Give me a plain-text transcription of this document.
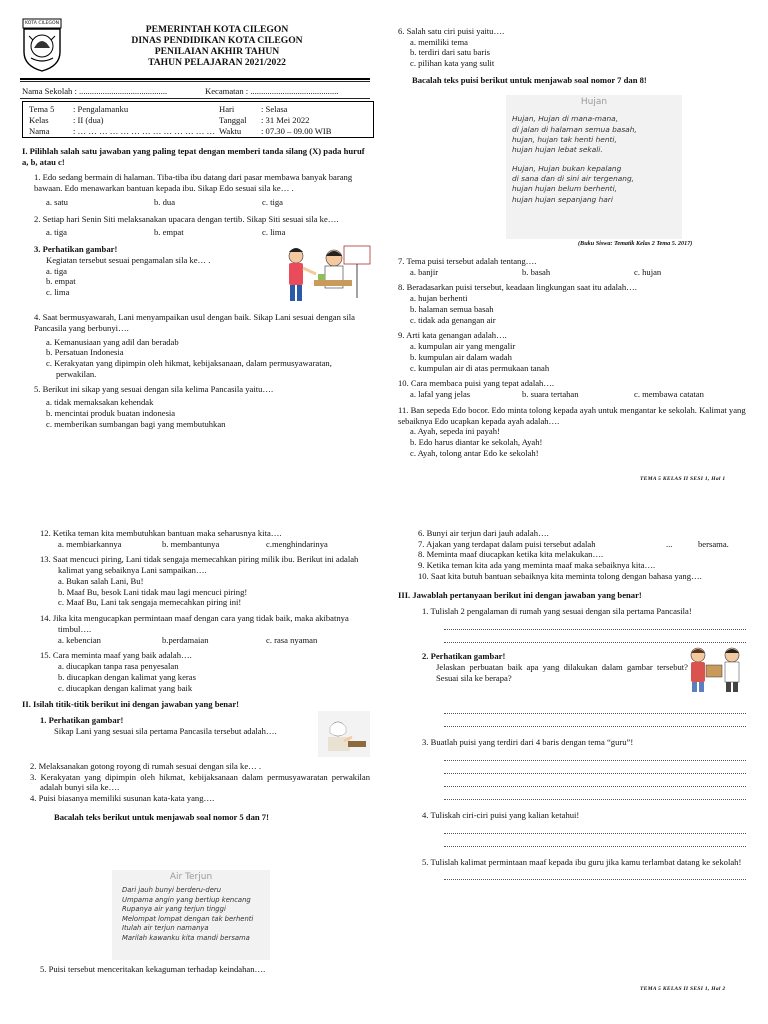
KOTA CILEGON
PEMERINTAH KOTA CILEGON
DINAS PENDIDIKAN KOTA CILEGON
PENILAIAN AKHIR TAHUN
TAHUN PELAJARAN 2021/2022
Nama Sekolah : .........................................	Kecamatan : .........................................
Tema 5 : Pengalamanku
Kelas	: II (dua)
Nama	: … … … … … … … … … … … … …
Hari	: Selasa
Tanggal : 31 Mei 2022
Waktu : 07.30 – 09.00 WIB
I. Pilihlah salah satu jawaban yang paling tepat dengan memberi tanda silang (X) pada huruf a, b, atau c!
1. Edo sedang bermain di halaman. Tiba-tiba ibu datang dari pasar membawa banyak barang bawaan. Edo menawarkan bantuan kepada ibu. Sikap Edo sesuai sila ke… .
a. satu	b. dua	c. tiga
2. Setiap hari Senin Siti melaksanakan upacara dengan tertib. Sikap Siti sesuai sila ke….
a. tiga	b. empat	c. lima
3. Perhatikan gambar!
Kegiatan tersebut sesuai pengamalan sila ke… .
a. tiga
b. empat
c. lima
4. Saat bermusyawarah, Lani menyampaikan usul dengan baik. Sikap Lani sesuai dengan sila Pancasila yang berbunyi….
a. Kemanusiaan yang adil dan beradab
b. Persatuan Indonesia
c. Kerakyatan yang dipimpin oleh hikmat, kebijaksanaan, dalam permusyawaratan, perwakilan.
5. Berikut ini sikap yang sesuai dengan sila kelima Pancasila yaitu….
a. tidak memaksakan kehendak
b. mencintai produk buatan indonesia
c. memberikan sumbangan bagi yang membutuhkan
6. Salah satu ciri puisi yaitu….
a. memiliki tema
b. terdiri dari satu baris
c. pilihan kata yang sulit
Bacalah teks puisi berikut untuk menjawab soal nomor 7 dan 8!
Hujan
Hujan, Hujan di mana-mana,
di jalan di halaman semua basah,
hujan, hujan tak henti henti,
hujan hujan lebat sekali.
Hujan, Hujan bukan kepalang
di sana dan di sini air tergenang,
hujan hujan belum berhenti,
hujan hujan sepanjang hari
(Buku Siswa: Tematik Kelas 2 Tema 5. 2017)
7. Tema puisi tersebut adalah tentang….
a. banjir	b. basah	c. hujan
8. Beradasarkan puisi tersebut, keadaan lingkungan saat itu adalah….
a. hujan berhenti
b. halaman semua basah
c. tidak ada genangan air
9. Arti kata genangan adalah….
a. kumpulan air yang mengalir
b. kumpulan air dalam wadah
c. kumpulan air di atas permukaan tanah
10. Cara membaca puisi yang tepat adalah….
a. lafal yang jelas	b. suara tertahan	c. membawa catatan
11. Ban sepeda Edo bocor. Edo minta tolong kepada ayah untuk mengantar ke sekolah. Kalimat yang sebaiknya Edo ucapkan kepada ayah adalah….
a. Ayah, sepeda ini payah!
b. Edo harus diantar ke sekolah, Ayah!
c. Ayah, tolong antar Edo ke sekolah!
TEMA 5 KELAS II SESI 1, Hal 1
12. Ketika teman kita membutuhkan bantuan maka seharusnya kita….
a. membiarkannya	b. membantunya	c.menghindarinya
13. Saat mencuci piring, Lani tidak sengaja memecahkan piring milik ibu. Berikut ini adalah kalimat yang sebaiknya Lani sampaikan….
a. Bukan salah Lani, Bu!
b. Maaf Bu, besok Lani tidak mau lagi mencuci piring!
c. Maaf Bu, Lani tak sengaja memecahkan piring ini!
14. Jika kita mengucapkan permintaan maaf dengan cara yang tidak baik, maka akibatnya timbul….
a. kebencian	b.perdamaian	c. rasa nyaman
15. Cara meminta maaf yang baik adalah….
a. diucapkan tanpa rasa penyesalan
b. diucapkan dengan kalimat yang keras
c. diucapkan dengan kalimat yang baik
II. Isilah titik-titik berikut ini dengan jawaban yang benar!
1. Perhatikan gambar!
Sikap Lani yang sesuai sila pertama Pancasila tersebut adalah….
2. Melaksanakan gotong royong di rumah sesuai dengan sila ke… .
3. Kerakyatan yang dipimpin oleh hikmat, kebijaksanaan dalam permusyawaratan perwakilan adalah bunyi sila ke….
4. Puisi biasanya memiliki susunan kata-kata yang….
Bacalah teks berikut untuk menjawab soal nomor 5 dan 7!
Air Terjun
Dari jauh bunyi berderu-deru
Umpama angin yang bertiup kencang
Rupanya air yang terjun tinggi
Melompat lompat dengan tak berhenti
Itulah air terjun namanya
Marilah kawanku kita mandi bersama
5. Puisi tersebut menceritakan kekaguman terhadap keindahan….
6. Bunyi air terjun dari jauh adalah….
7. Ajakan yang terdapat dalam puisi tersebut adalah	...	bersama.
8. Meminta maaf diucapkan ketika kita melakukan….
9. Ketika teman kita ada yang meminta maaf maka sebaiknya kita….
10. Saat kita butuh bantuan sebaiknya kita meminta tolong dengan bahasa yang….
III. Jawablah pertanyaan berikut ini dengan jawaban yang benar!
1. Tulislah 2 pengalaman di rumah yang sesuai dengan sila pertama Pancasila!
2. Perhatikan gambar!
Jelaskan perbuatan baik apa yang dilakukan dalam gambar tersebut? Sesuai sila ke berapa?
3. Buatlah puisi yang terdiri dari 4 baris dengan tema “guru”!
4. Tuliskah ciri-ciri puisi yang kalian ketahui!
5. Tulislah kalimat permintaan maaf kepada ibu guru jika kamu terlambat datang ke sekolah!
TEMA 5 KELAS II SESI 1, Hal 2
